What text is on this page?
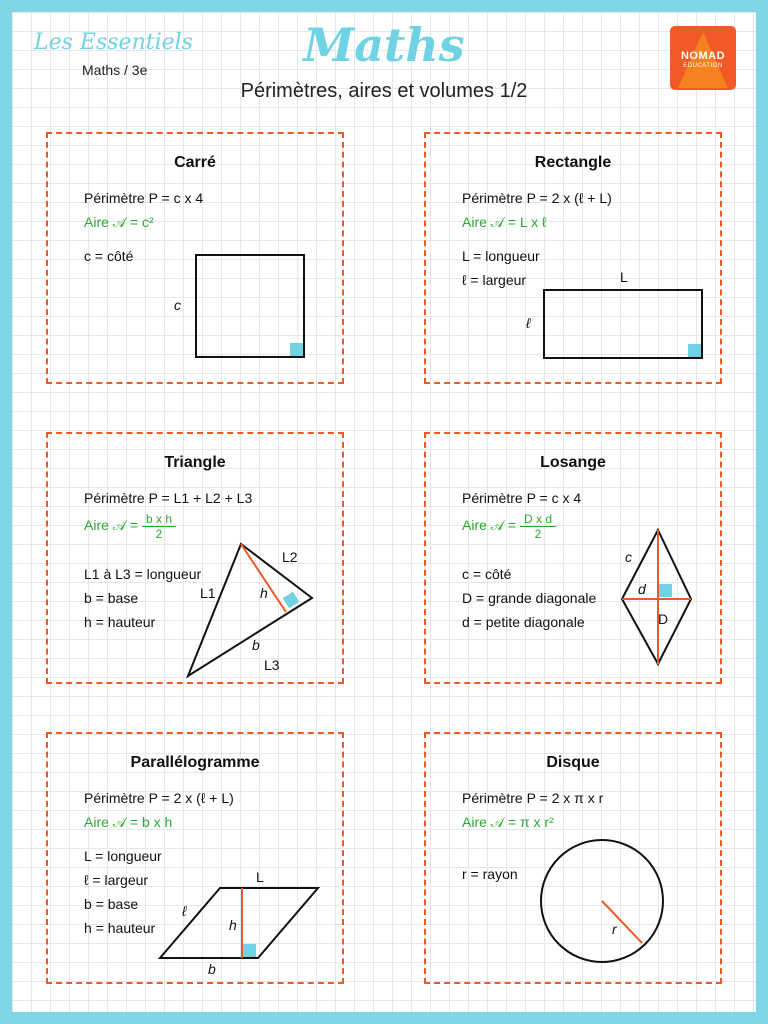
Les Essentiels
Maths / 3e	Maths
Périmètres, aires et volumes 1/2
NOMAD
EDUCATION
Carré
Périmètre P = c x 4
Aire 𝒜 = c²
c = côté
c
Rectangle
Périmètre P = 2 x (ℓ + L)
Aire 𝒜 = L x ℓ
L = longueur
ℓ = largeur	L
ℓ
Triangle
Périmètre P = L1 + L2 + L3
Aire 𝒜 = $\frac{\text{b x h}}{2}$
L1 à L3 = longueur
b = base
h = hauteur
L1
L2
L3
h
b
Losange
Périmètre P = c x 4
Aire 𝒜 = $\frac{\text{D x d}}{2}$
c = côté
D = grande diagonale
d = petite diagonale
c
d
D
Parallélogramme
Périmètre P = 2 x (ℓ + L)
Aire 𝒜 = b x h
L = longueur
ℓ = largeur
b = base
h = hauteur
L
ℓ
h
b
Disque
Périmètre P = 2 x π x r
Aire 𝒜 = π x r²
r = rayon
r
